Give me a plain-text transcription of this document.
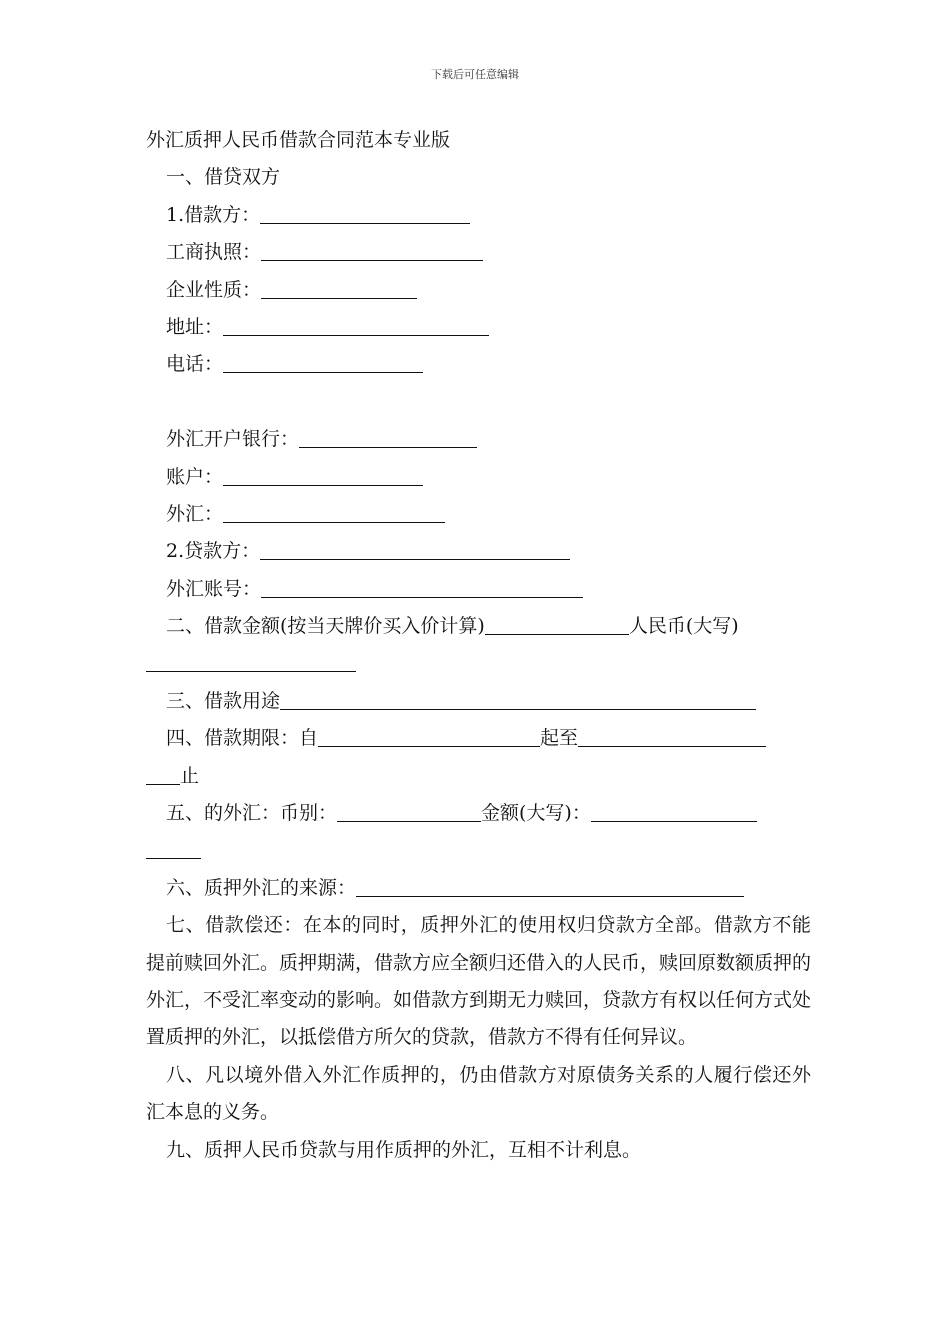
下载后可任意编辑
外汇质押人民币借款合同范本专业版
一、借贷双方
1.借款方：
工商执照：
企业性质：
地址：
电话：
外汇开户银行：
账户：
外汇：
2.贷款方：
外汇账号：
二、借款金额(按当天牌价买入价计算)	人民币(大写)
三、借款用途
四、借款期限：自	起至
止
五、的外汇：币别：	金额(大写)：
六、质押外汇的来源：
七、借款偿还：在本的同时，质押外汇的使用权归贷款方全部。借款方不能提前赎回外汇。质押期满，借款方应全额归还借入的人民币，赎回原数额质押的外汇，不受汇率变动的影响。如借款方到期无力赎回，贷款方有权以任何方式处置质押的外汇，以抵偿借方所欠的贷款，借款方不得有任何异议。
八、凡以境外借入外汇作质押的，仍由借款方对原债务关系的人履行偿还外汇本息的义务。
九、质押人民币贷款与用作质押的外汇，互相不计利息。
